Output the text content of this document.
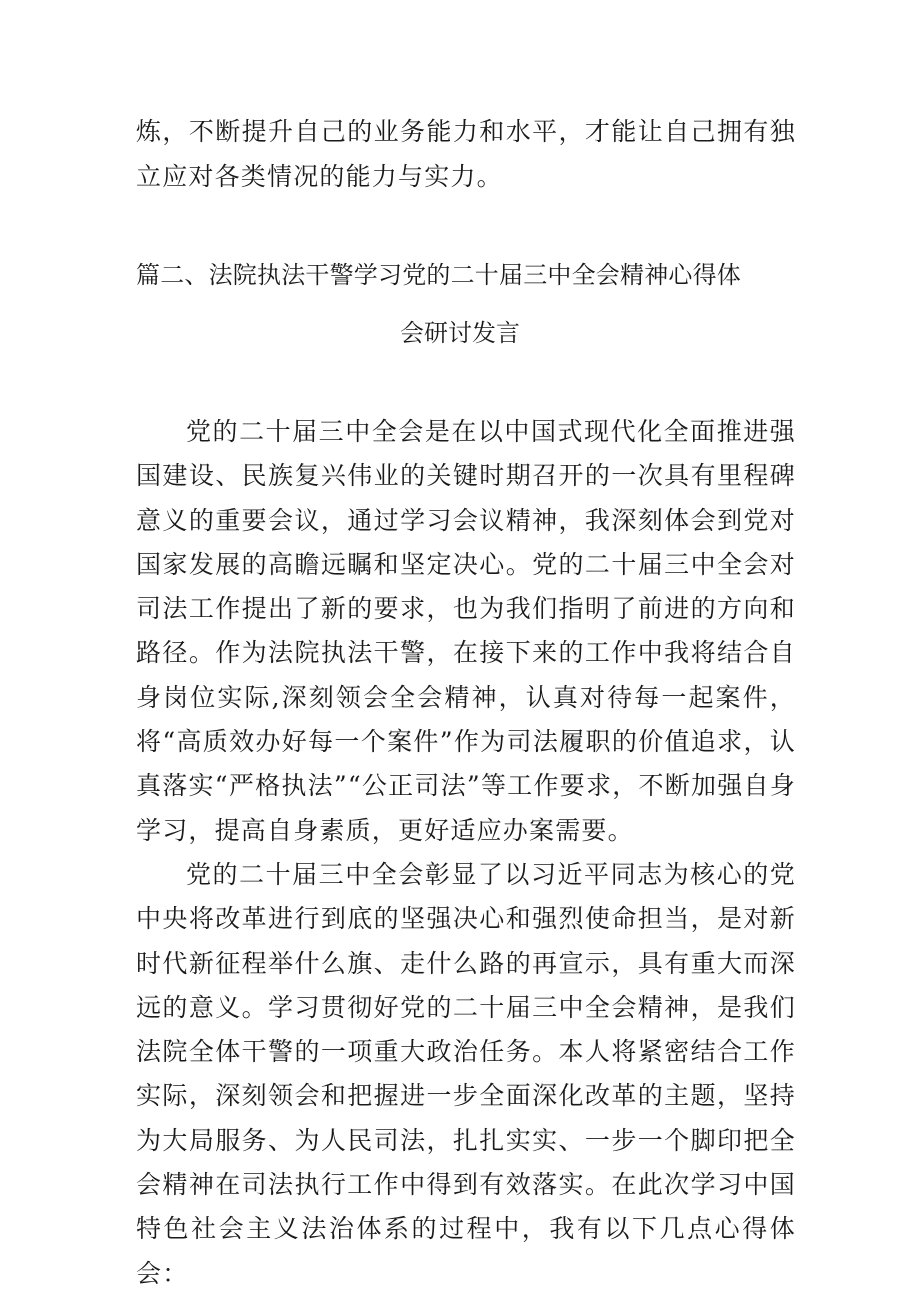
炼，不断提升自己的业务能力和水平，才能让自己拥有独立应对各类情况的能力与实力。

篇二、法院执法干警学习党的二十届三中全会精神心得体
会研讨发言

党的二十届三中全会是在以中国式现代化全面推进强国建设、民族复兴伟业的关键时期召开的一次具有里程碑意义的重要会议，通过学习会议精神，我深刻体会到党对国家发展的高瞻远瞩和坚定决心。党的二十届三中全会对司法工作提出了新的要求，也为我们指明了前进的方向和路径。作为法院执法干警，在接下来的工作中我将结合自身岗位实际,深刻领会全会精神，认真对待每一起案件，将“高质效办好每一个案件”作为司法履职的价值追求，认真落实“严格执法”“公正司法”等工作要求，不断加强自身学习，提高自身素质，更好适应办案需要。

党的二十届三中全会彰显了以习近平同志为核心的党中央将改革进行到底的坚强决心和强烈使命担当，是对新时代新征程举什么旗、走什么路的再宣示，具有重大而深远的意义。学习贯彻好党的二十届三中全会精神，是我们法院全体干警的一项重大政治任务。本人将紧密结合工作实际，深刻领会和把握进一步全面深化改革的主题，坚持为大局服务、为人民司法，扎扎实实、一步一个脚印把全会精神在司法执行工作中得到有效落实。在此次学习中国特色社会主义法治体系的过程中，我有以下几点心得体会：
